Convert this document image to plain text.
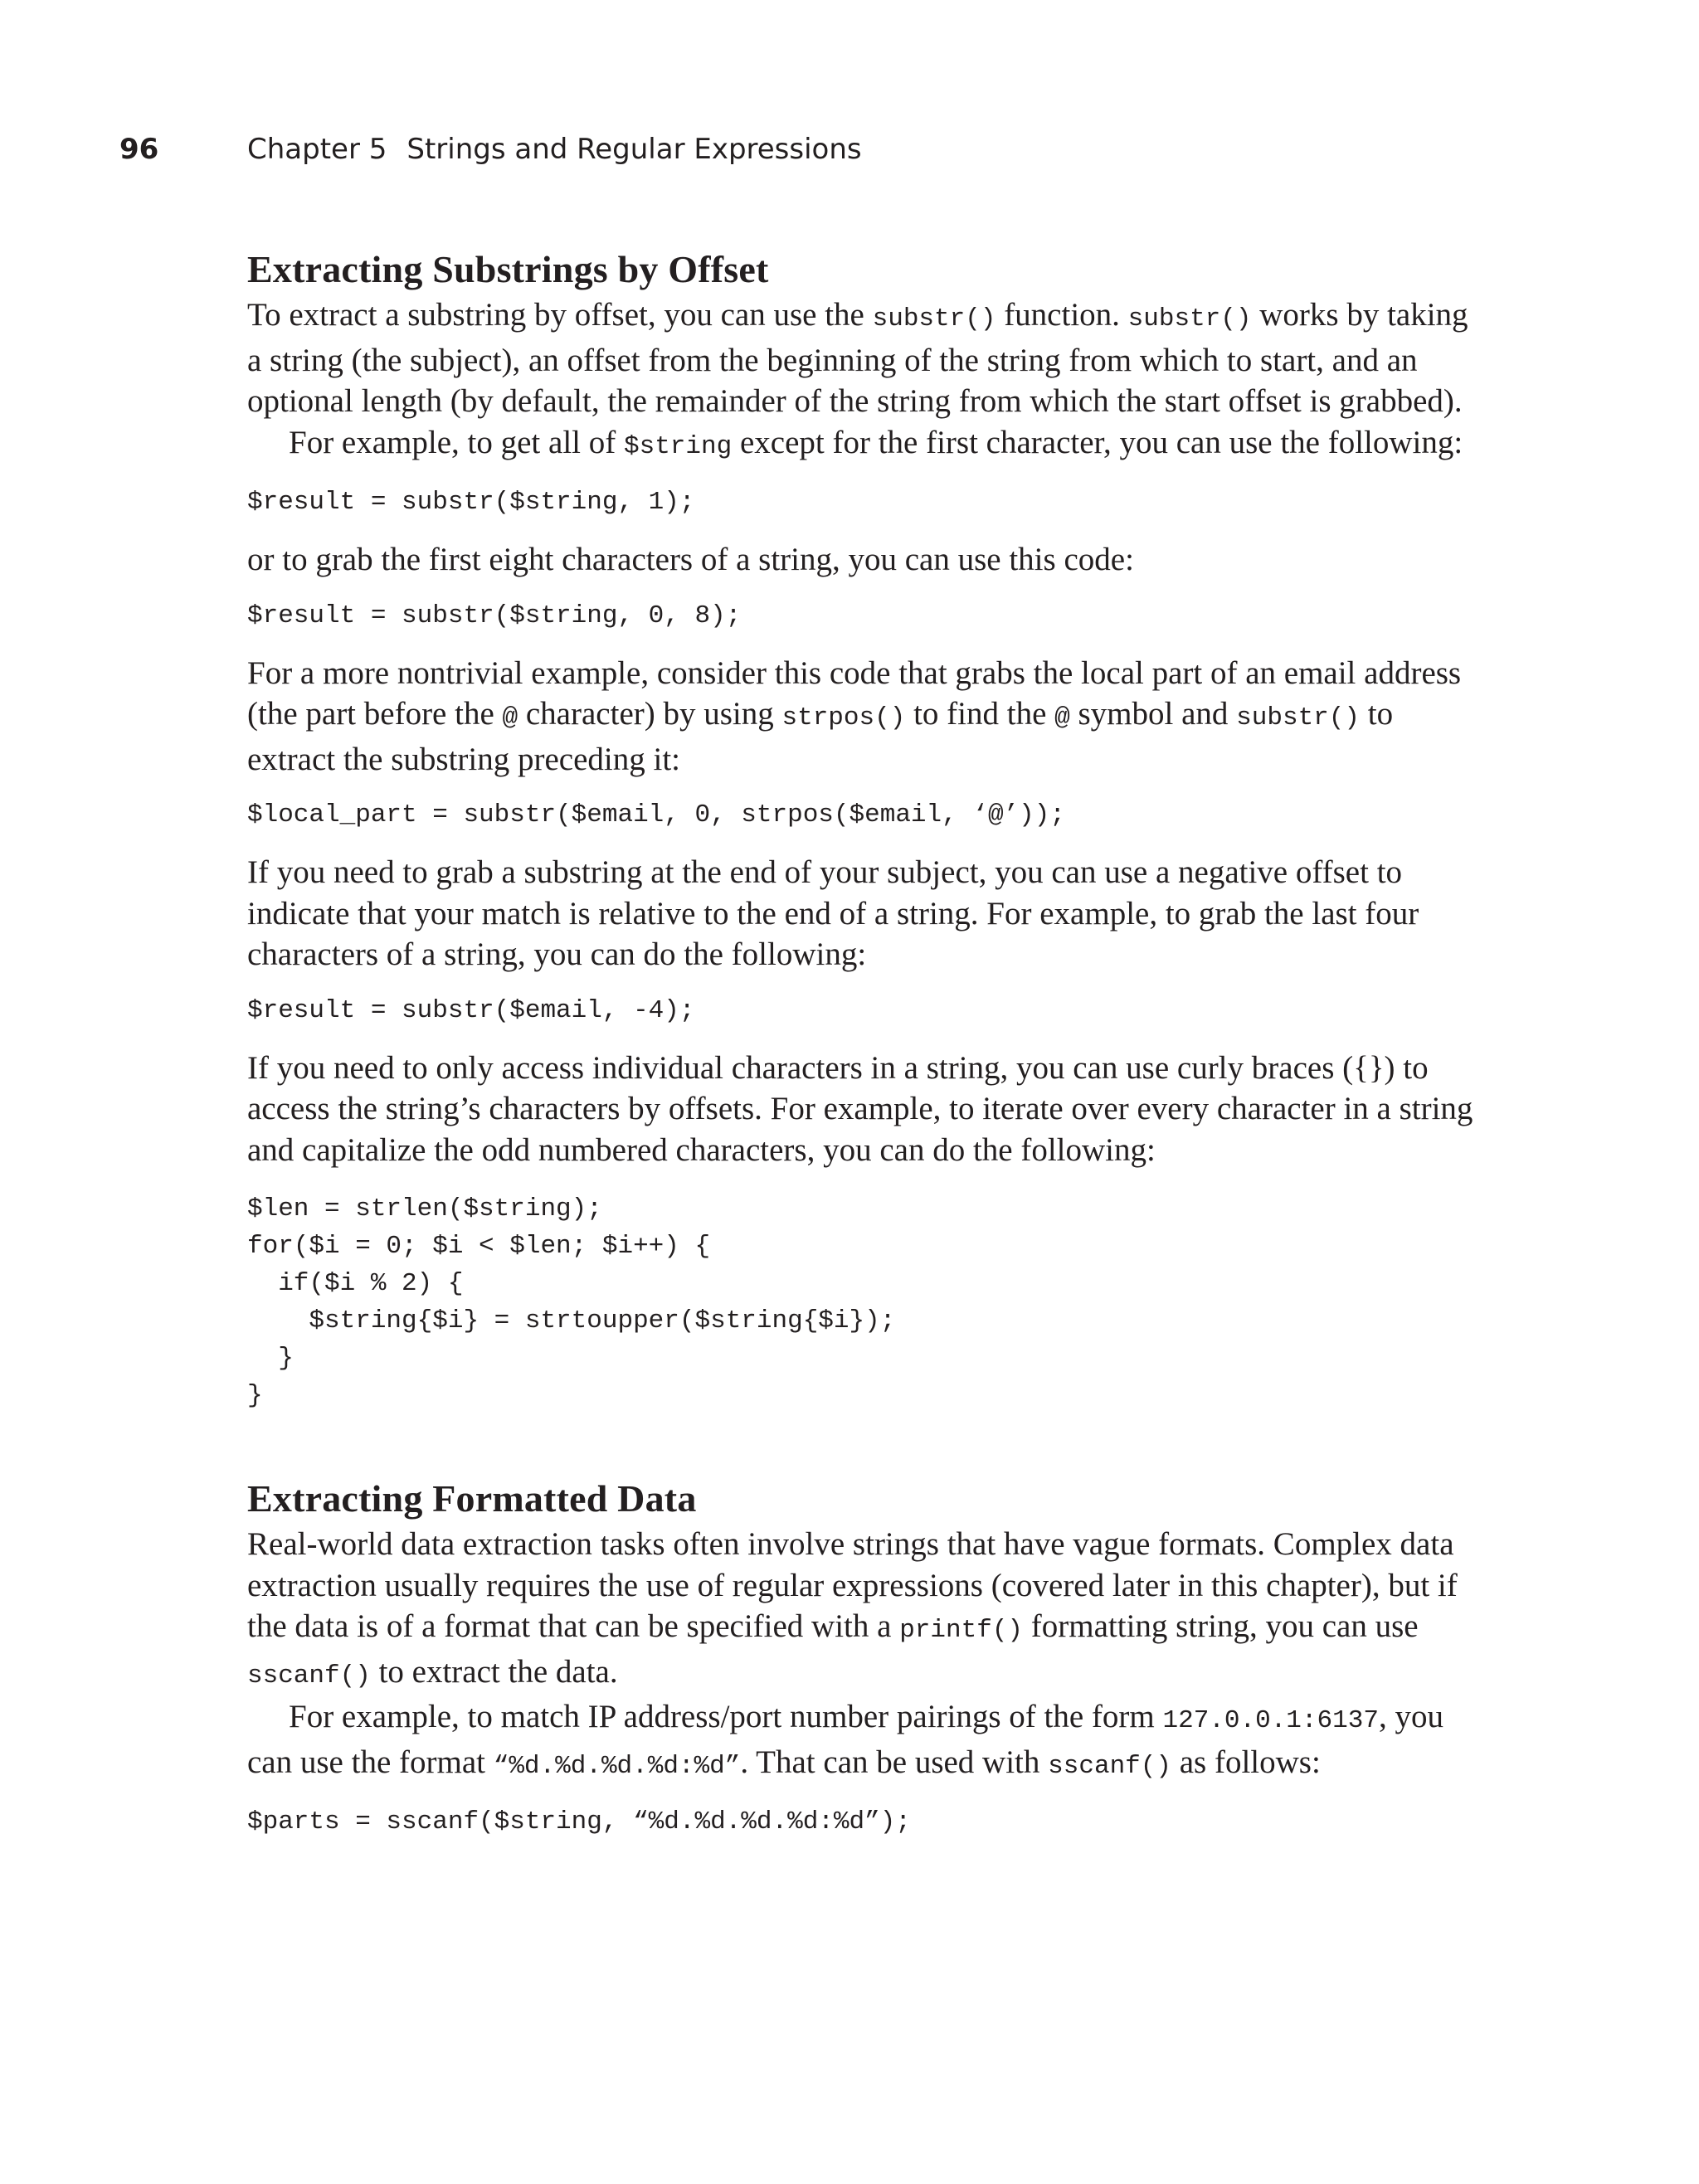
96	Chapter 5 Strings and Regular Expressions
Extracting Substrings by Offset

To extract a substring by offset, you can use the substr() function. substr() works by taking a string (the subject), an offset from the beginning of the string from which to start, and an optional length (by default, the remainder of the string from which the start offset is grabbed).

For example, to get all of $string except for the first character, you can use the following:

$result = substr($string, 1);

or to grab the first eight characters of a string, you can use this code:

$result = substr($string, 0, 8);

For a more nontrivial example, consider this code that grabs the local part of an email address (the part before the @ character) by using strpos() to find the @ symbol and substr() to extract the substring preceding it:

$local_part = substr($email, 0, strpos($email, ‘@’));

If you need to grab a substring at the end of your subject, you can use a negative offset to indicate that your match is relative to the end of a string. For example, to grab the last four characters of a string, you can do the following:

$result = substr($email, -4);

If you need to only access individual characters in a string, you can use curly braces ({}) to access the string’s characters by offsets. For example, to iterate over every character in a string and capitalize the odd numbered characters, you can do the following:

$len = strlen($string);
for($i = 0; $i < $len; $i++) {
if($i % 2) {
$string{$i} = strtoupper($string{$i});
}
}
Extracting Formatted Data

Real-world data extraction tasks often involve strings that have vague formats. Complex data extraction usually requires the use of regular expressions (covered later in this chapter), but if the data is of a format that can be specified with a printf() formatting string, you can use sscanf() to extract the data.

For example, to match IP address/port number pairings of the form 127.0.0.1:6137, you can use the format “%d.%d.%d.%d:%d”. That can be used with sscanf() as follows:

$parts = sscanf($string, “%d.%d.%d.%d:%d”);
